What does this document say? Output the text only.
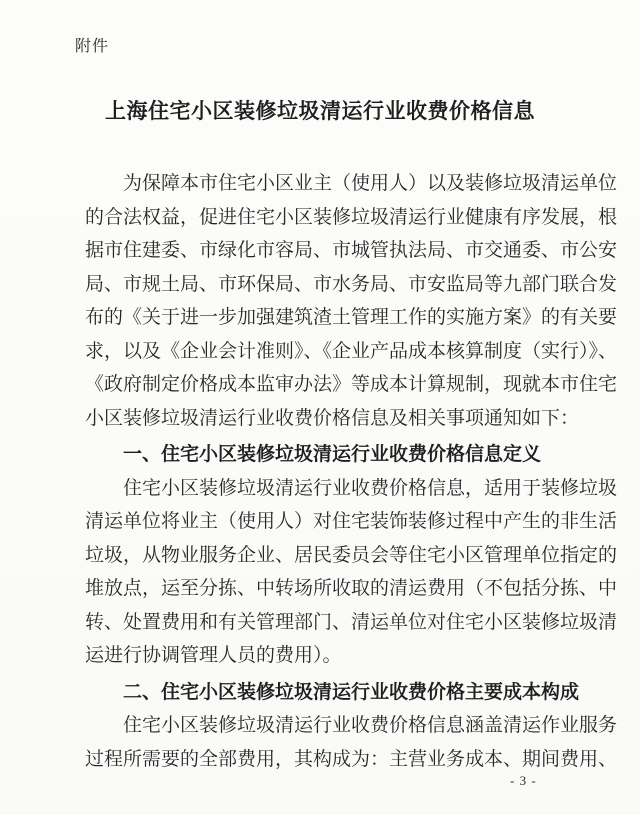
附件
上海住宅小区装修垃圾清运行业收费价格信息
为保障本市住宅小区业主（使用人）以及装修垃圾清运单位
的合法权益，促进住宅小区装修垃圾清运行业健康有序发展，根
据市住建委、市绿化市容局、市城管执法局、市交通委、市公安
局、市规土局、市环保局、市水务局、市安监局等九部门联合发
布的《关于进一步加强建筑渣土管理工作的实施方案》的有关要
求，以及《企业会计准则》、《企业产品成本核算制度（实行）》、
《政府制定价格成本监审办法》等成本计算规制，现就本市住宅
小区装修垃圾清运行业收费价格信息及相关事项通知如下：
一、住宅小区装修垃圾清运行业收费价格信息定义
住宅小区装修垃圾清运行业收费价格信息，适用于装修垃圾
清运单位将业主（使用人）对住宅装饰装修过程中产生的非生活
垃圾，从物业服务企业、居民委员会等住宅小区管理单位指定的
堆放点，运至分拣、中转场所收取的清运费用（不包括分拣、中
转、处置费用和有关管理部门、清运单位对住宅小区装修垃圾清
运进行协调管理人员的费用）。
二、住宅小区装修垃圾清运行业收费价格主要成本构成
住宅小区装修垃圾清运行业收费价格信息涵盖清运作业服务
过程所需要的全部费用，其构成为：主营业务成本、期间费用、
- 3 -
